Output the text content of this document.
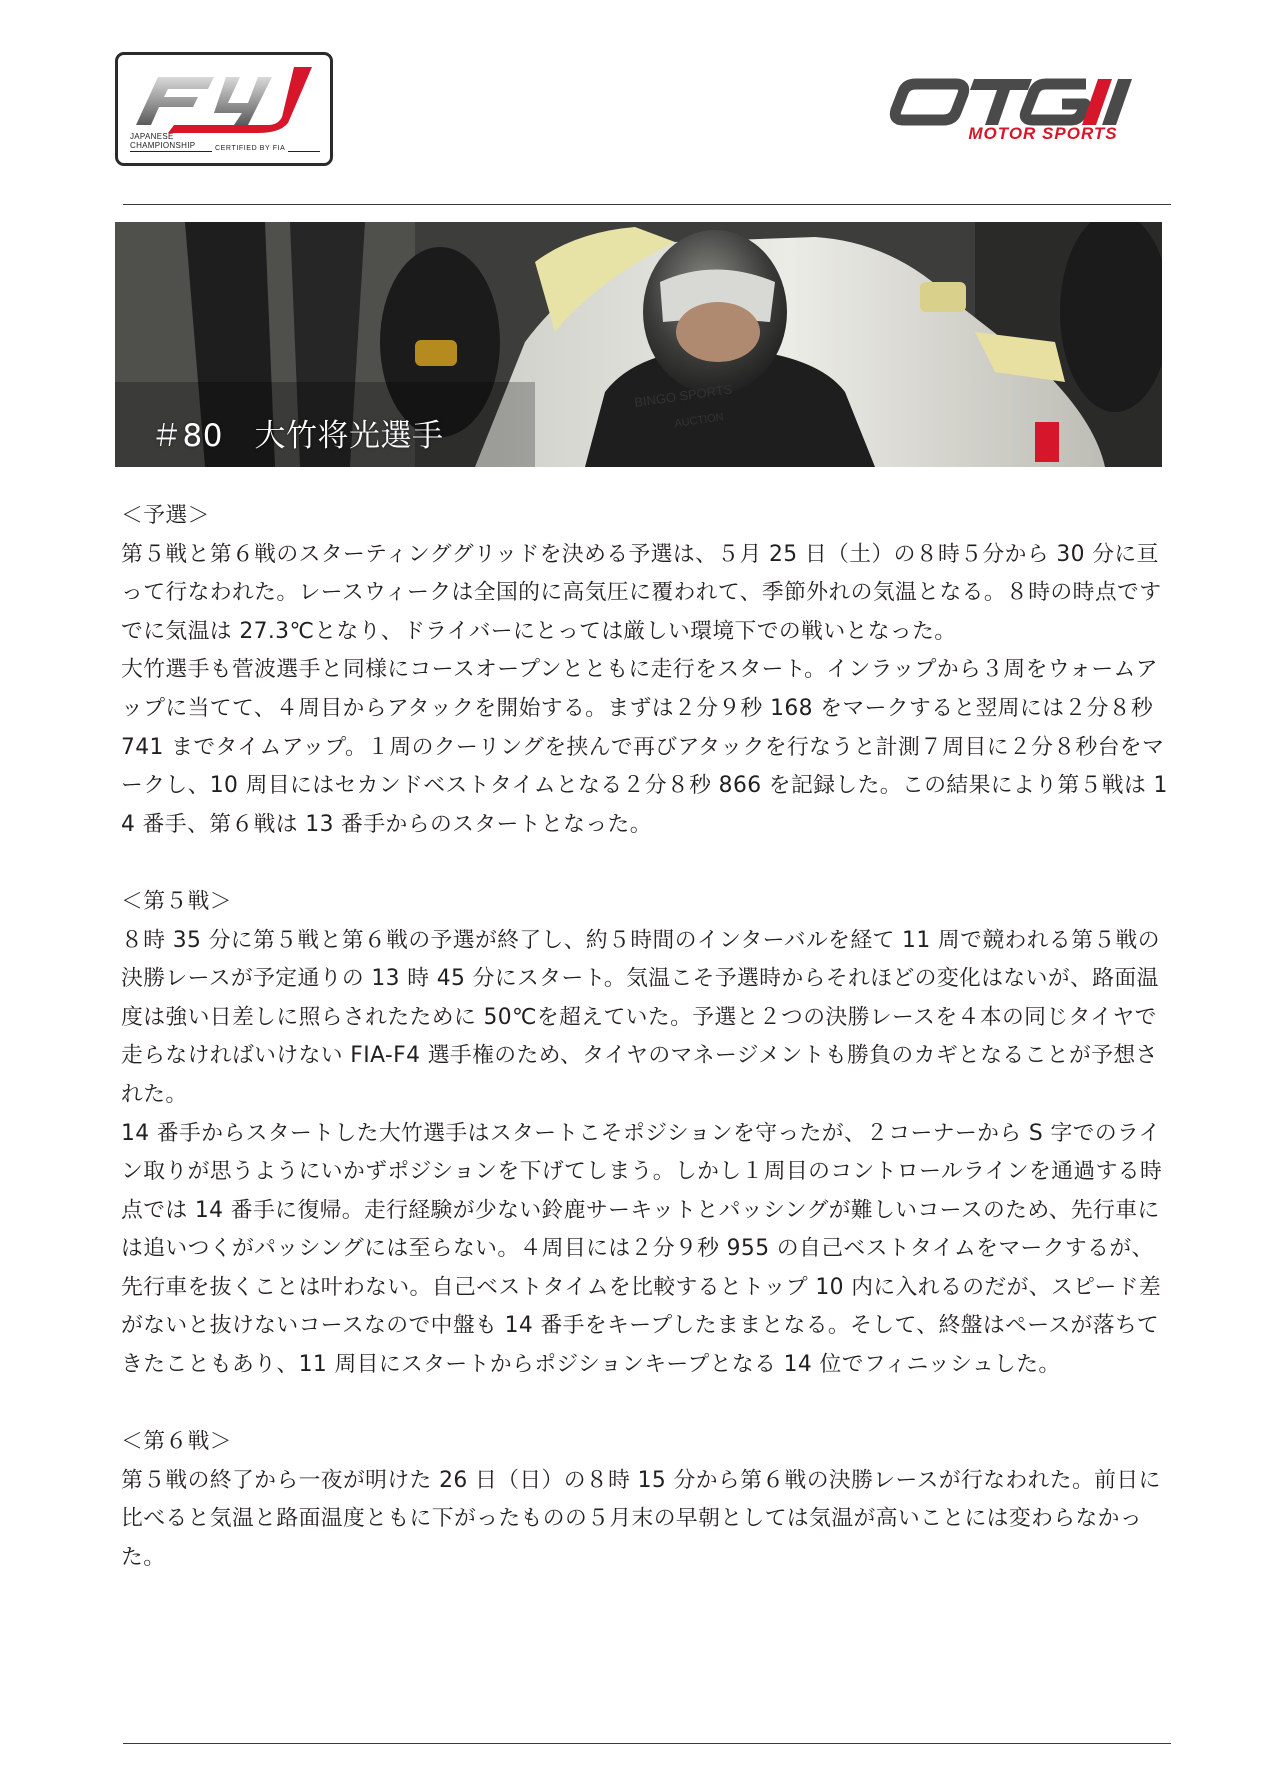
JAPANESE
CHAMPIONSHIP	CERTIFIED BY FIA
MOTOR SPORTS
BINGO SPORTS
AUCTION
＃80　大竹将光選手

＜予選＞

第５戦と第６戦のスターティンググリッドを決める予選は、５月 25 日（土）の８時５分から 30 分に亘って行なわれた。レースウィークは全国的に高気圧に覆われて、季節外れの気温となる。８時の時点ですでに気温は 27.3℃となり、ドライバーにとっては厳しい環境下での戦いとなった。

大竹選手も菅波選手と同様にコースオープンとともに走行をスタート。インラップから３周をウォームアップに当てて、４周目からアタックを開始する。まずは２分９秒 168 をマークすると翌周には２分８秒 741 までタイムアップ。１周のクーリングを挟んで再びアタックを行なうと計測７周目に２分８秒台をマークし、10 周目にはセカンドベストタイムとなる２分８秒 866 を記録した。この結果により第５戦は 14 番手、第６戦は 13 番手からのスタートとなった。

＜第５戦＞

８時 35 分に第５戦と第６戦の予選が終了し、約５時間のインターバルを経て 11 周で競われる第５戦の決勝レースが予定通りの 13 時 45 分にスタート。気温こそ予選時からそれほどの変化はないが、路面温度は強い日差しに照らされたために 50℃を超えていた。予選と２つの決勝レースを４本の同じタイヤで走らなければいけない FIA-F4 選手権のため、タイヤのマネージメントも勝負のカギとなることが予想された。

14 番手からスタートした大竹選手はスタートこそポジションを守ったが、２コーナーから S 字でのライン取りが思うようにいかずポジションを下げてしまう。しかし１周目のコントロールラインを通過する時点では 14 番手に復帰。走行経験が少ない鈴鹿サーキットとパッシングが難しいコースのため、先行車には追いつくがパッシングには至らない。４周目には２分９秒 955 の自己ベストタイムをマークするが、先行車を抜くことは叶わない。自己ベストタイムを比較するとトップ 10 内に入れるのだが、スピード差がないと抜けないコースなので中盤も 14 番手をキープしたままとなる。そして、終盤はペースが落ちてきたこともあり、11 周目にスタートからポジションキープとなる 14 位でフィニッシュした。

＜第６戦＞

第５戦の終了から一夜が明けた 26 日（日）の８時 15 分から第６戦の決勝レースが行なわれた。前日に比べると気温と路面温度ともに下がったものの５月末の早朝としては気温が高いことには変わらなかった。
